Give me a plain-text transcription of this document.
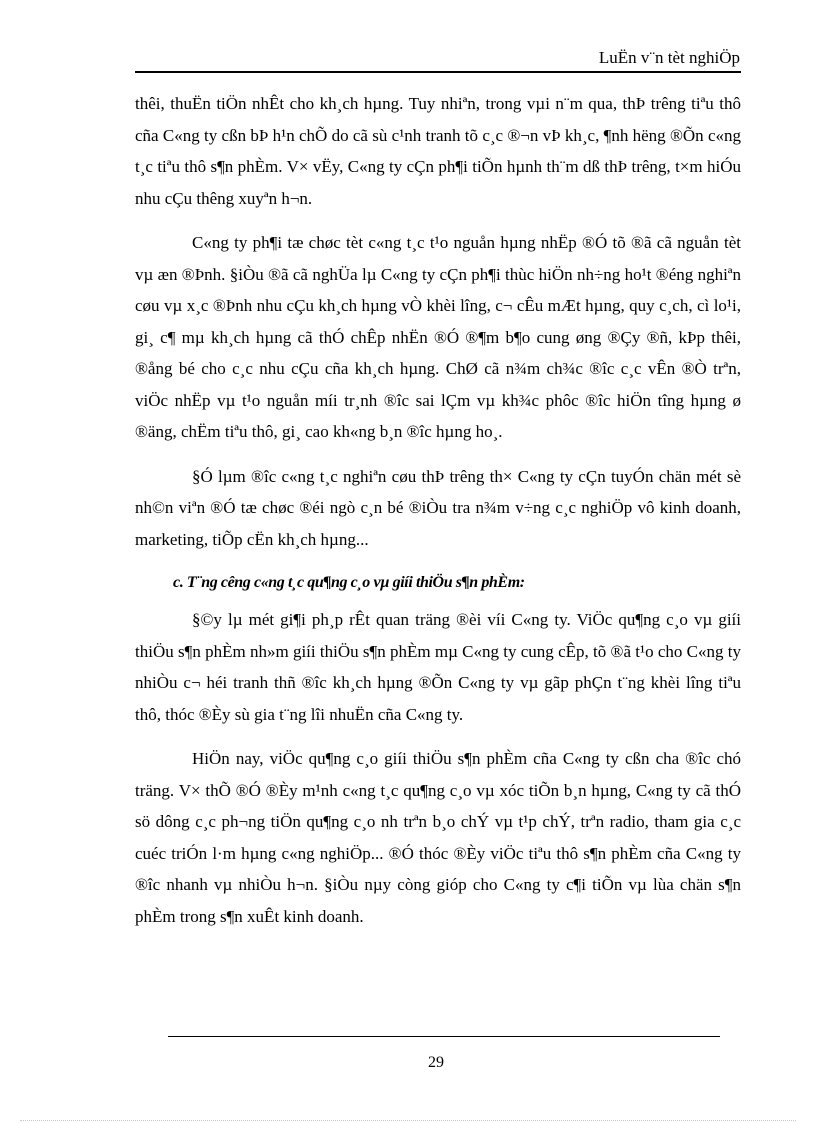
LuËn v¨n tèt nghiÖp

thêi, thuËn tiÖn nhÊt cho kh¸ch hµng. Tuy nhiªn, trong vµi n¨m qua, thÞ trêng tiªu thô cña C«ng ty cßn bÞ h¹n chÕ do cã sù c¹nh tranh tõ c¸c ®¬n vÞ kh¸c, ¶nh hëng ®Õn c«ng t¸c tiªu thô s¶n phÈm. V× vËy, C«ng ty cÇn ph¶i tiÕn hµnh th¨m dß thÞ trêng, t×m hiÓu nhu cÇu thêng xuyªn h¬n.

C«ng ty ph¶i tæ chøc tèt c«ng t¸c t¹o nguån hµng nhËp ®Ó tõ ®ã cã nguån tèt vµ æn ®Þnh. §iÒu ®ã cã nghÜa lµ C«ng ty cÇn ph¶i thùc hiÖn nh÷ng ho¹t ®éng nghiªn cøu vµ x¸c ®Þnh nhu cÇu kh¸ch hµng vÒ khèi lîng, c¬ cÊu mÆt hµng, quy c¸ch, cì lo¹i, gi¸ c¶ mµ kh¸ch hµng cã thÓ chÊp nhËn ®Ó ®¶m b¶o cung øng ®Çy ®ñ, kÞp thêi, ®ång bé cho c¸c nhu cÇu cña kh¸ch hµng. ChØ cã n¾m ch¾c ®îc c¸c vÊn ®Ò trªn, viÖc nhËp vµ t¹o nguån míi tr¸nh ®îc sai lÇm vµ kh¾c phôc ®îc hiÖn tîng hµng ø ®äng, chËm tiªu thô, gi¸ cao kh«ng b¸n ®îc hµng ho¸.

§Ó lµm ®îc c«ng t¸c nghiªn cøu thÞ trêng th× C«ng ty cÇn tuyÓn chän mét sè nh©n viªn ®Ó tæ chøc ®éi ngò c¸n bé ®iÒu tra n¾m v÷ng c¸c nghiÖp vô kinh doanh, marketing, tiÕp cËn kh¸ch hµng...

c. T¨ng cêng c«ng t¸c qu¶ng c¸o vµ giíi thiÖu s¶n phÈm:

§©y lµ mét gi¶i ph¸p rÊt quan träng ®èi víi C«ng ty. ViÖc qu¶ng c¸o vµ giíi thiÖu s¶n phÈm nh»m giíi thiÖu s¶n phÈm mµ C«ng ty cung cÊp, tõ ®ã t¹o cho C«ng ty nhiÒu c¬ héi tranh thñ ®îc kh¸ch hµng ®Õn C«ng ty vµ gãp phÇn t¨ng khèi lîng tiªu thô, thóc ®Èy sù gia t¨ng lîi nhuËn cña C«ng ty.

HiÖn nay, viÖc qu¶ng c¸o giíi thiÖu s¶n phÈm cña C«ng ty cßn cha ®îc chó träng. V× thÕ ®Ó ®Èy m¹nh c«ng t¸c qu¶ng c¸o vµ xóc tiÕn b¸n hµng, C«ng ty cã thÓ sö dông c¸c ph¬ng tiÖn qu¶ng c¸o nh trªn b¸o chÝ vµ t¹p chÝ, trªn radio, tham gia c¸c cuéc triÓn l·m hµng c«ng nghiÖp... ®Ó thóc ®Èy viÖc tiªu thô s¶n phÈm cña C«ng ty ®îc nhanh vµ nhiÒu h¬n. §iÒu nµy còng gióp cho C«ng ty c¶i tiÕn vµ lùa chän s¶n phÈm trong s¶n xuÊt kinh doanh.

29
